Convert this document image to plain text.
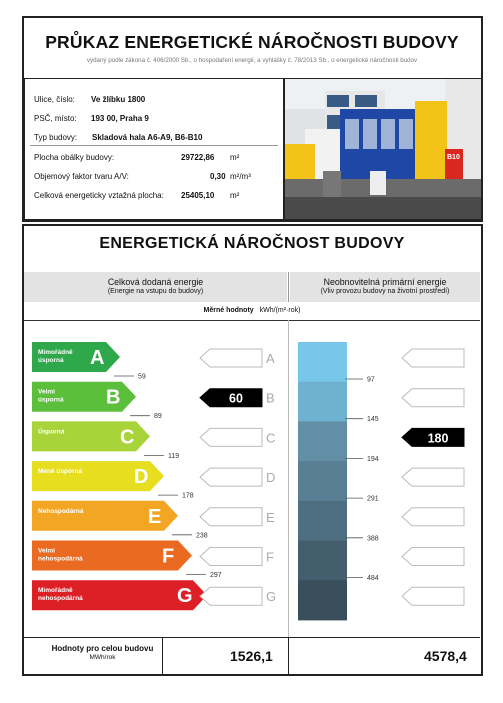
PRŮKAZ ENERGETICKÉ NÁROČNOSTI BUDOVY
vydaný podle zákona č. 406/2000 Sb., o hospodaření energií, a vyhlášky č. 78/2013 Sb., o energetické náročnosti budov
Ulice, číslo: Ve žlíbku 1800
PSČ, místo: 193 00, Praha 9
Typ budovy: Skladová hala A6-A9, B6-B10
Plocha obálky budovy:	29722,86 m²
Objemový faktor tvaru A/V:	0,30 m²/m³
Celková energeticky vztažná plocha: 25405,10 m²
B10
ENERGETICKÁ NÁROČNOST BUDOVY
Celková dodaná energie
(Energie na vstupu do budovy)
Neobnovitelná primární energie
(Vliv provozu budovy na životní prostředí)
Měrné hodnoty kWh/(m²·rok)
Mimořádně
úsporná A	A
Velmi
úsporná B	60 B
Úsporná	C	C	180
Méně úsporná	D	D
Nehospodárná	E	E
Velmi
nehospodárná	F	F
Mimořádně
nehospodárná	G	G
59
89
119
178
238
297
97
145
194
291
388
484
Hodnoty pro celou budovu
MWh/rok	1526,1	4578,4
